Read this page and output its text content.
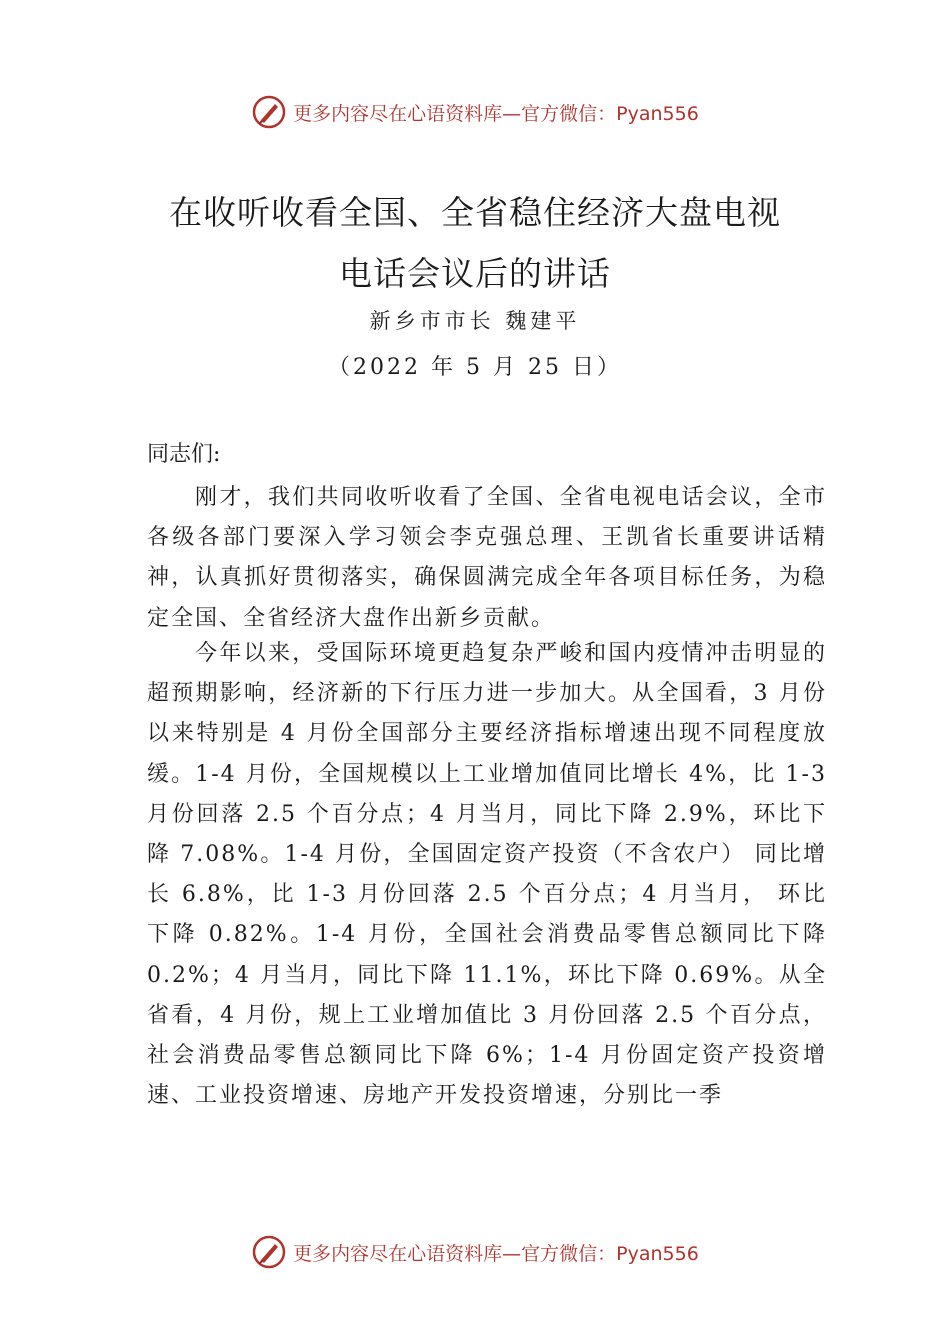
更多内容尽在心语资料库—官方微信：Pyan556
在收听收看全国、全省稳住经济大盘电视
电话会议后的讲话
新乡市市长 魏建平
（2022 年 5 月 25 日）
同志们:

刚才，我们共同收听收看了全国、全省电视电话会议，全市各级各部门要深入学习领会李克强总理、王凯省长重要讲话精神，认真抓好贯彻落实，确保圆满完成全年各项目标任务，为稳定全国、全省经济大盘作出新乡贡献。

今年以来，受国际环境更趋复杂严峻和国内疫情冲击明显的超预期影响，经济新的下行压力进一步加大。从全国看，3 月份以来特别是 4 月份全国部分主要经济指标增速出现不同程度放缓。1-4 月份，全国规模以上工业增加值同比增长 4%，比 1-3 月份回落 2.5 个百分点；4 月当月，同比下降 2.9%，环比下降 7.08%。1-4 月份，全国固定资产投资（不含农户） 同比增长 6.8%，比 1-3 月份回落 2.5 个百分点；4 月当月， 环比下降 0.82%。1-4 月份，全国社会消费品零售总额同比下降 0.2%；4 月当月，同比下降 11.1%，环比下降 0.69%。从全省看，4 月份，规上工业增加值比 3 月份回落 2.5 个百分点，社会消费品零售总额同比下降 6%；1-4 月份固定资产投资增速、工业投资增速、房地产开发投资增速，分别比一季

更多内容尽在心语资料库—官方微信：Pyan556
